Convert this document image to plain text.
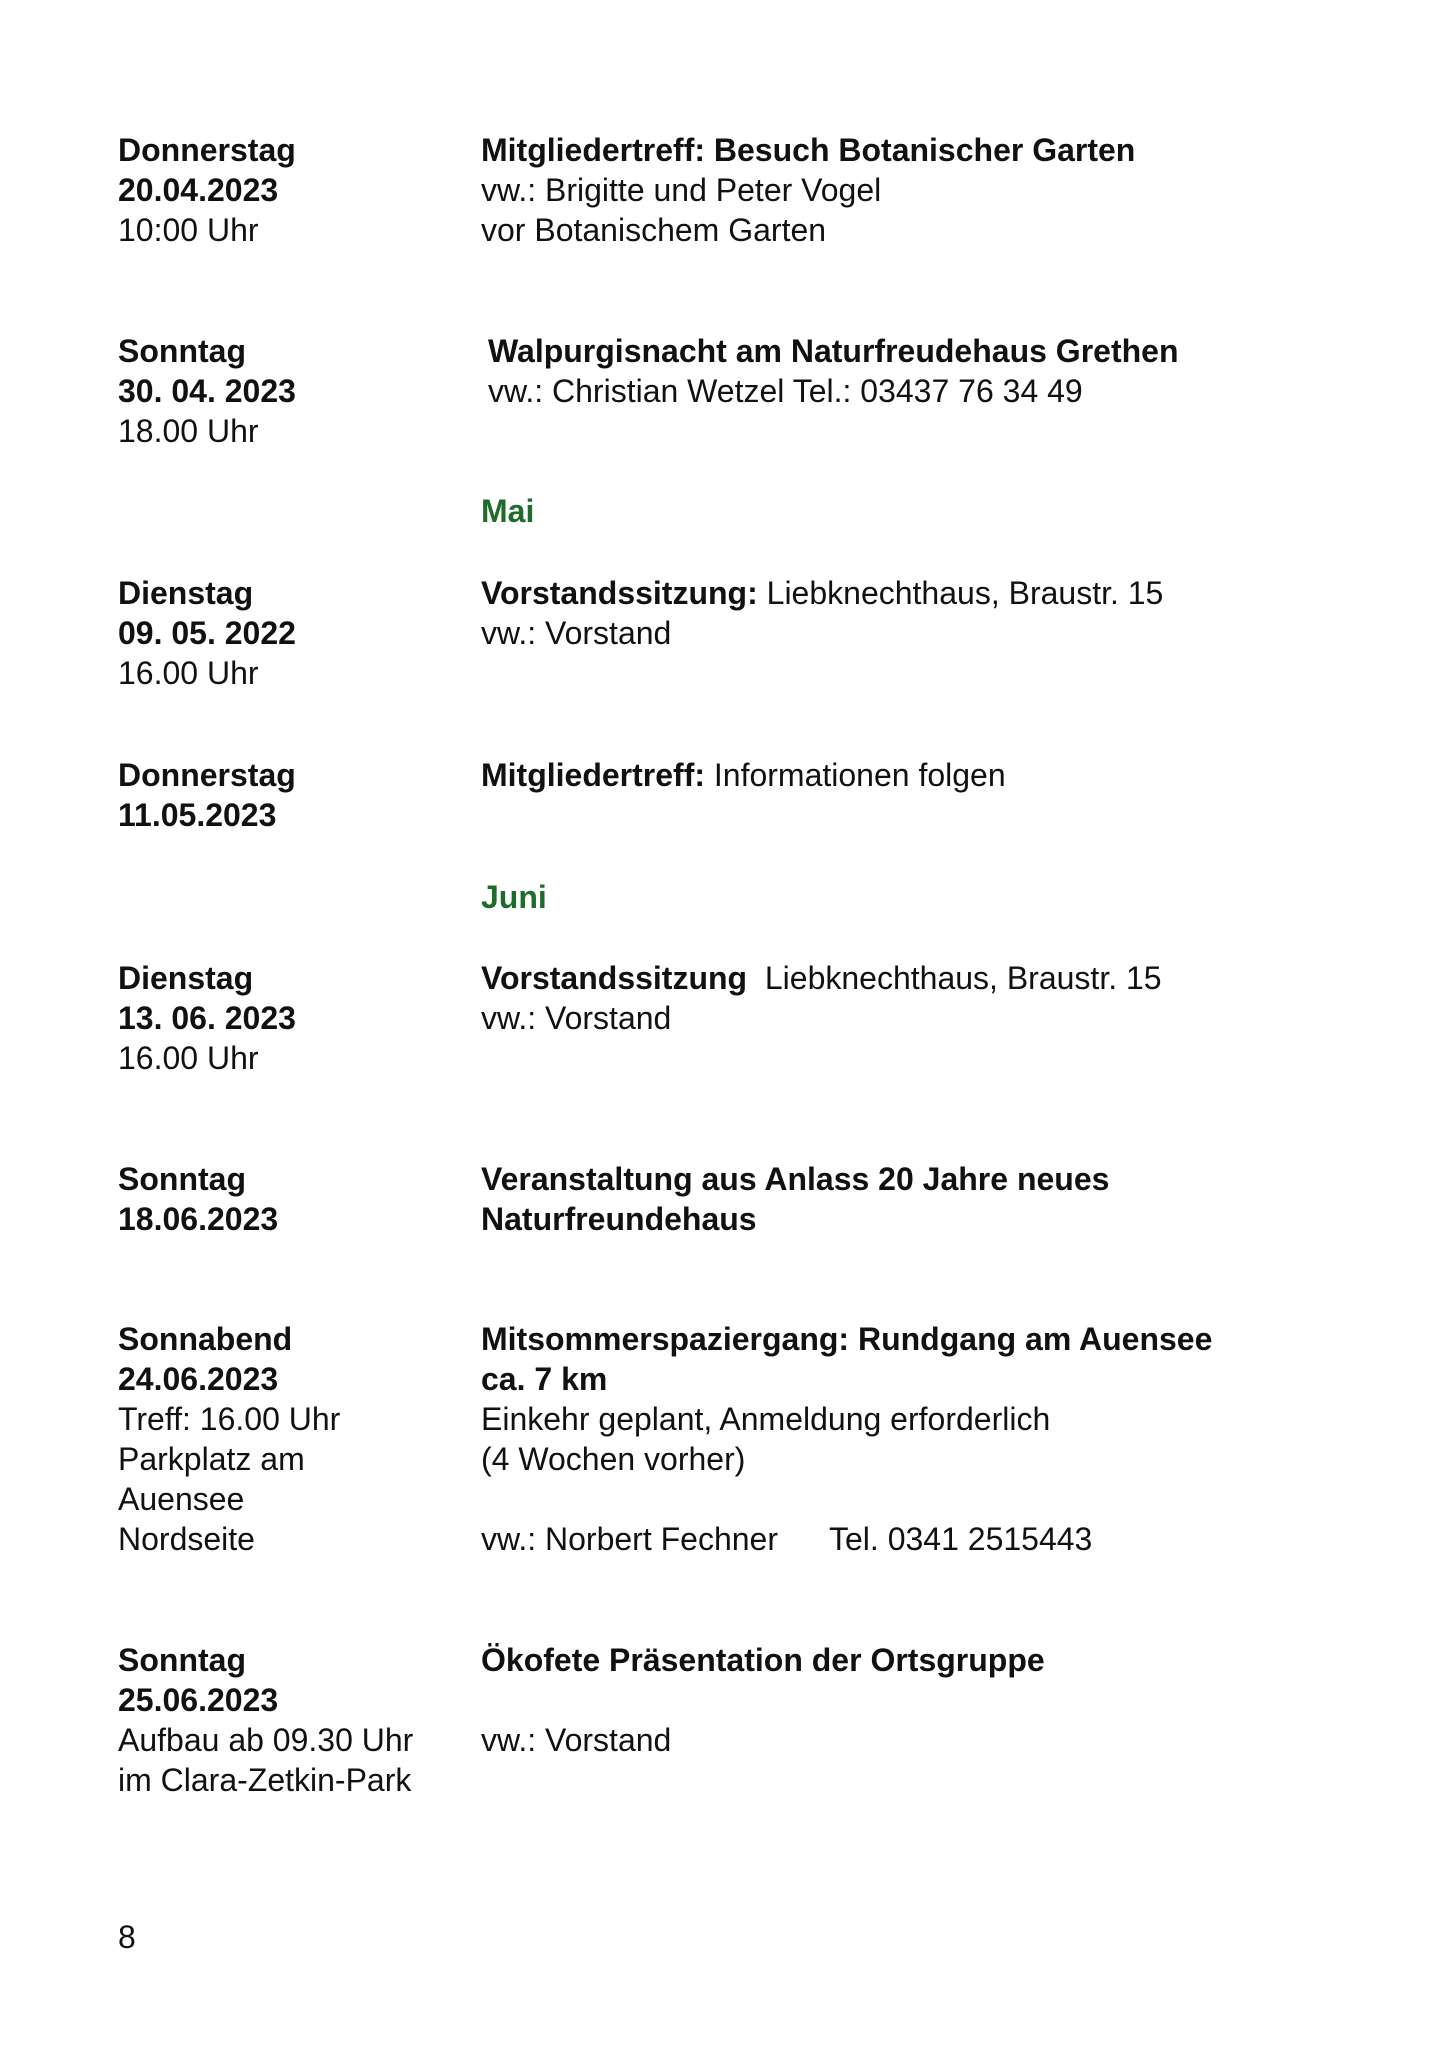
Donnerstag
20.04.2023
10:00 Uhr
Mitgliedertreff: Besuch Botanischer Garten
vw.: Brigitte und Peter Vogel
vor Botanischem Garten
Sonntag
30. 04. 2023
18.00 Uhr
Walpurgisnacht am Naturfreudehaus Grethen
vw.: Christian Wetzel Tel.: 03437 76 34 49
Mai
Dienstag
09. 05. 2022
16.00 Uhr
Vorstandssitzung: Liebknechthaus, Braustr. 15
vw.: Vorstand
Donnerstag
11.05.2023
Mitgliedertreff: Informationen folgen
Juni
Dienstag
13. 06. 2023
16.00 Uhr
Vorstandssitzung  Liebknechthaus, Braustr. 15
vw.: Vorstand
Sonntag
18.06.2023
Veranstaltung aus Anlass 20 Jahre neues
Naturfreundehaus
Sonnabend
24.06.2023
Treff: 16.00 Uhr
Parkplatz am
Auensee
Nordseite
Mitsommerspaziergang: Rundgang am Auensee
ca. 7 km
Einkehr geplant, Anmeldung erforderlich
(4 Wochen vorher)
vw.: Norbert Fechner Tel. 0341 2515443
Sonntag
25.06.2023
Aufbau ab 09.30 Uhr
im Clara-Zetkin-Park
Ökofete Präsentation der Ortsgruppe
vw.: Vorstand
8
